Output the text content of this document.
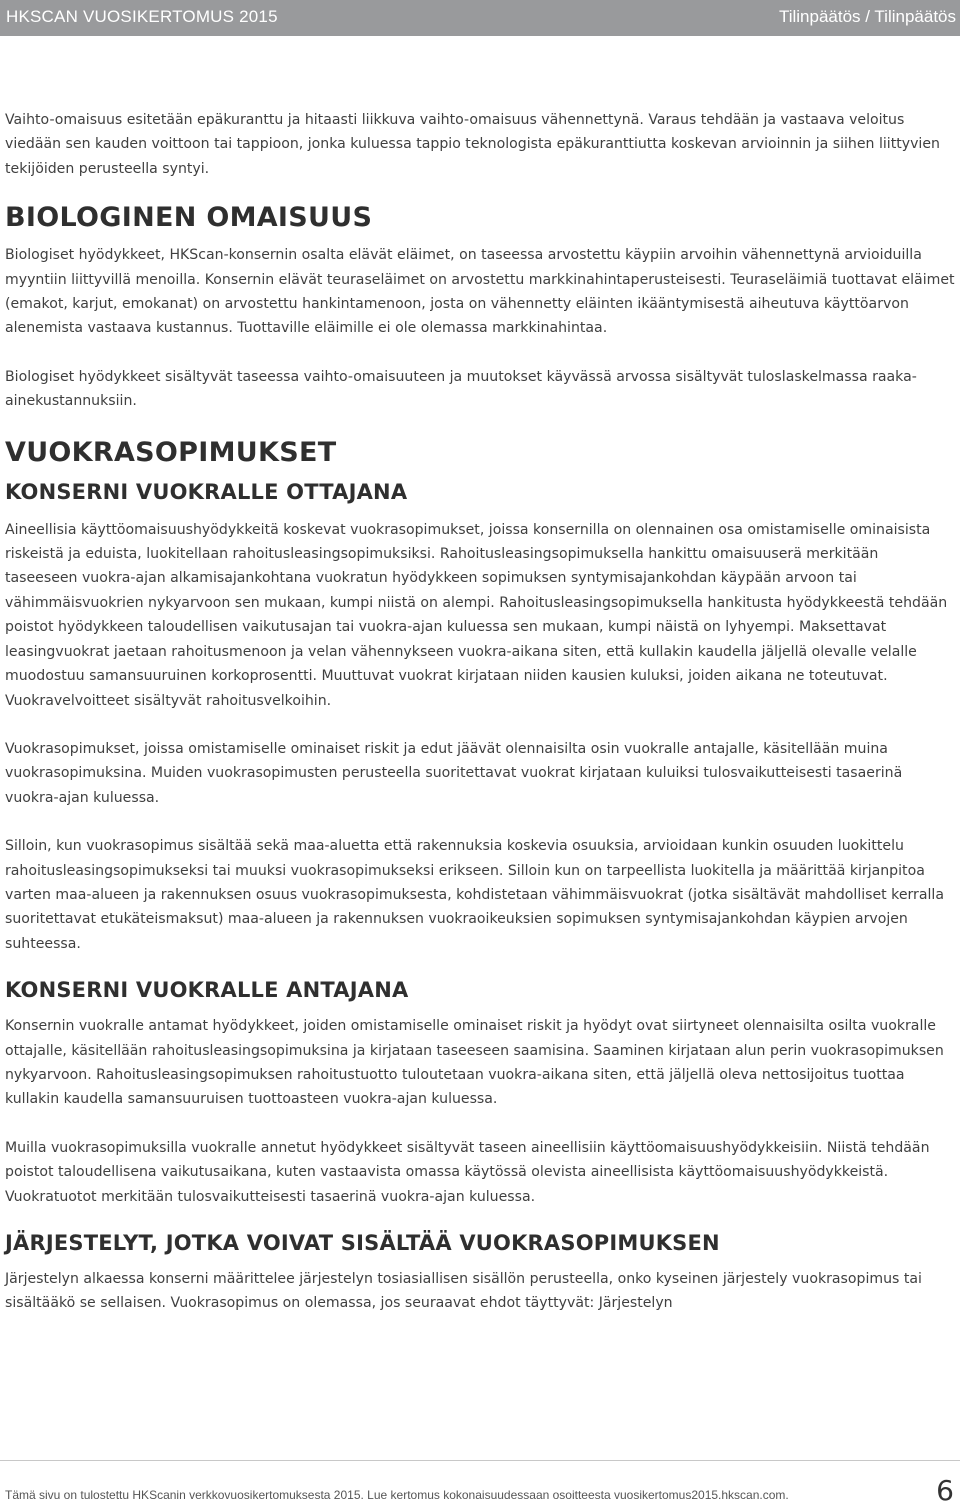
HKSCAN VUOSIKERTOMUS 2015	Tilinpäätös / Tilinpäätös

Vaihto-omaisuus esitetään epäkuranttu ja hitaasti liikkuva vaihto-omaisuus vähennettynä. Varaus tehdään ja vastaava veloitus viedään sen kauden voittoon tai tappioon, jonka kuluessa tappio teknologista epäkuranttiutta koskevan arvioinnin ja siihen liittyvien tekijöiden perusteella syntyi.

BIOLOGINEN OMAISUUS

Biologiset hyödykkeet, HKScan-konsernin osalta elävät eläimet, on taseessa arvostettu käypiin arvoihin vähennettynä arvioiduilla myyntiin liittyvillä menoilla. Konsernin elävät teuraseläimet on arvostettu markkinahintaperusteisesti. Teuraseläimiä tuottavat eläimet (emakot, karjut, emokanat) on arvostettu hankintamenoon, josta on vähennetty eläinten ikääntymisestä aiheutuva käyttöarvon alenemista vastaava kustannus. Tuottaville eläimille ei ole olemassa markkinahintaa.

Biologiset hyödykkeet sisältyvät taseessa vaihto-omaisuuteen ja muutokset käyvässä arvossa sisältyvät tuloslaskelmassa raaka-ainekustannuksiin.

VUOKRASOPIMUKSET
KONSERNI VUOKRALLE OTTAJANA

Aineellisia käyttöomaisuushyödykkeitä koskevat vuokrasopimukset, joissa konsernilla on olennainen osa omistamiselle ominaisista riskeistä ja eduista, luokitellaan rahoitusleasingsopimuksiksi. Rahoitusleasingsopimuksella hankittu omaisuuserä merkitään taseeseen vuokra-ajan alkamisajankohtana vuokratun hyödykkeen sopimuksen syntymisajankohdan käypään arvoon tai vähimmäisvuokrien nykyarvoon sen mukaan, kumpi niistä on alempi. Rahoitusleasingsopimuksella hankitusta hyödykkeestä tehdään poistot hyödykkeen taloudellisen vaikutusajan tai vuokra-ajan kuluessa sen mukaan, kumpi näistä on lyhyempi. Maksettavat leasingvuokrat jaetaan rahoitusmenoon ja velan vähennykseen vuokra-aikana siten, että kullakin kaudella jäljellä olevalle velalle muodostuu samansuuruinen korkoprosentti. Muuttuvat vuokrat kirjataan niiden kausien kuluksi, joiden aikana ne toteutuvat. Vuokravelvoitteet sisältyvät rahoitusvelkoihin.

Vuokrasopimukset, joissa omistamiselle ominaiset riskit ja edut jäävät olennaisilta osin vuokralle antajalle, käsitellään muina vuokrasopimuksina. Muiden vuokrasopimusten perusteella suoritettavat vuokrat kirjataan kuluiksi tulosvaikutteisesti tasaerinä vuokra-ajan kuluessa.

Silloin, kun vuokrasopimus sisältää sekä maa-aluetta että rakennuksia koskevia osuuksia, arvioidaan kunkin osuuden luokittelu rahoitusleasingsopimukseksi tai muuksi vuokrasopimukseksi erikseen. Silloin kun on tarpeellista luokitella ja määrittää kirjanpitoa varten maa-alueen ja rakennuksen osuus vuokrasopimuksesta, kohdistetaan vähimmäisvuokrat (jotka sisältävät mahdolliset kerralla suoritettavat etukäteismaksut) maa-alueen ja rakennuksen vuokraoikeuksien sopimuksen syntymisajankohdan käypien arvojen suhteessa.

KONSERNI VUOKRALLE ANTAJANA

Konsernin vuokralle antamat hyödykkeet, joiden omistamiselle ominaiset riskit ja hyödyt ovat siirtyneet olennaisilta osilta vuokralle ottajalle, käsitellään rahoitusleasingsopimuksina ja kirjataan taseeseen saamisina. Saaminen kirjataan alun perin vuokrasopimuksen nykyarvoon. Rahoitusleasingsopimuksen rahoitustuotto tuloutetaan vuokra-aikana siten, että jäljellä oleva nettosijoitus tuottaa kullakin kaudella samansuuruisen tuottoasteen vuokra-ajan kuluessa.

Muilla vuokrasopimuksilla vuokralle annetut hyödykkeet sisältyvät taseen aineellisiin käyttöomaisuushyödykkeisiin. Niistä tehdään poistot taloudellisena vaikutusaikana, kuten vastaavista omassa käytössä olevista aineellisista käyttöomaisuushyödykkeistä. Vuokratuotot merkitään tulosvaikutteisesti tasaerinä vuokra-ajan kuluessa.

JÄRJESTELYT, JOTKA VOIVAT SISÄLTÄÄ VUOKRASOPIMUKSEN

Järjestelyn alkaessa konserni määrittelee järjestelyn tosiasiallisen sisällön perusteella, onko kyseinen järjestely vuokrasopimus tai sisältääkö se sellaisen. Vuokrasopimus on olemassa, jos seuraavat ehdot täyttyvät: Järjestelyn

Tämä sivu on tulostettu HKScanin verkkovuosikertomuksesta 2015. Lue kertomus kokonaisuudessaan osoitteesta vuosikertomus2015.hkscan.com.	6
